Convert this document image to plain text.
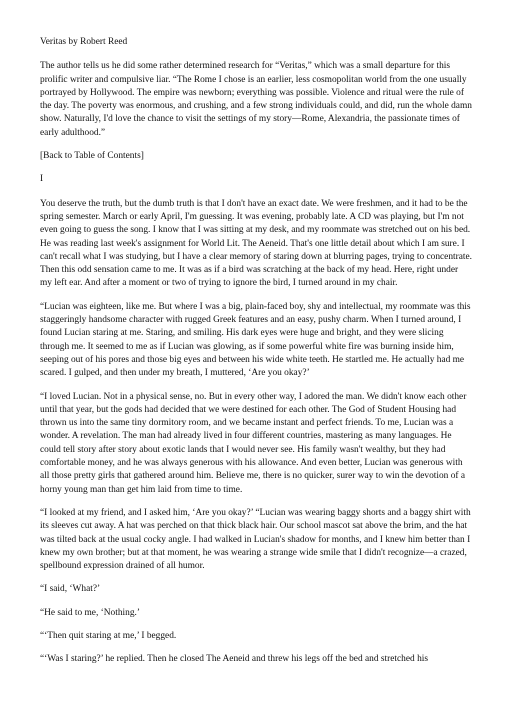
Veritas by Robert Reed

The author tells us he did some rather determined research for “Veritas,” which was a small departure for this prolific writer and compulsive liar. “The Rome I chose is an earlier, less cosmopolitan world from the one usually portrayed by Hollywood. The empire was newborn; everything was possible. Violence and ritual were the rule of the day. The poverty was enormous, and crushing, and a few strong individuals could, and did, run the whole damn show. Naturally, I'd love the chance to visit the settings of my story—Rome, Alexandria, the passionate times of early adulthood.”

[Back to Table of Contents]

I

You deserve the truth, but the dumb truth is that I don't have an exact date. We were freshmen, and it had to be the spring semester. March or early April, I'm guessing. It was evening, probably late. A CD was playing, but I'm not even going to guess the song. I know that I was sitting at my desk, and my roommate was stretched out on his bed. He was reading last week's assignment for World Lit. The Aeneid. That's one little detail about which I am sure. I can't recall what I was studying, but I have a clear memory of staring down at blurring pages, trying to concentrate. Then this odd sensation came to me. It was as if a bird was scratching at the back of my head. Here, right under my left ear. And after a moment or two of trying to ignore the bird, I turned around in my chair.

“Lucian was eighteen, like me. But where I was a big, plain-faced boy, shy and intellectual, my roommate was this staggeringly handsome character with rugged Greek features and an easy, pushy charm. When I turned around, I found Lucian staring at me. Staring, and smiling. His dark eyes were huge and bright, and they were slicing through me. It seemed to me as if Lucian was glowing, as if some powerful white fire was burning inside him, seeping out of his pores and those big eyes and between his wide white teeth. He startled me. He actually had me scared. I gulped, and then under my breath, I muttered, ‘Are you okay?’

“I loved Lucian. Not in a physical sense, no. But in every other way, I adored the man. We didn't know each other until that year, but the gods had decided that we were destined for each other. The God of Student Housing had thrown us into the same tiny dormitory room, and we became instant and perfect friends. To me, Lucian was a wonder. A revelation. The man had already lived in four different countries, mastering as many languages. He could tell story after story about exotic lands that I would never see. His family wasn't wealthy, but they had comfortable money, and he was always generous with his allowance. And even better, Lucian was generous with all those pretty girls that gathered around him. Believe me, there is no quicker, surer way to win the devotion of a horny young man than get him laid from time to time.

“I looked at my friend, and I asked him, ‘Are you okay?’ “Lucian was wearing baggy shorts and a baggy shirt with its sleeves cut away. A hat was perched on that thick black hair. Our school mascot sat above the brim, and the hat was tilted back at the usual cocky angle. I had walked in Lucian's shadow for months, and I knew him better than I knew my own brother; but at that moment, he was wearing a strange wide smile that I didn't recognize—a crazed, spellbound expression drained of all humor.

“I said, ‘What?’

“He said to me, ‘Nothing.’

“‘Then quit staring at me,’ I begged.

“‘Was I staring?’ he replied. Then he closed The Aeneid and threw his legs off the bed and stretched his
